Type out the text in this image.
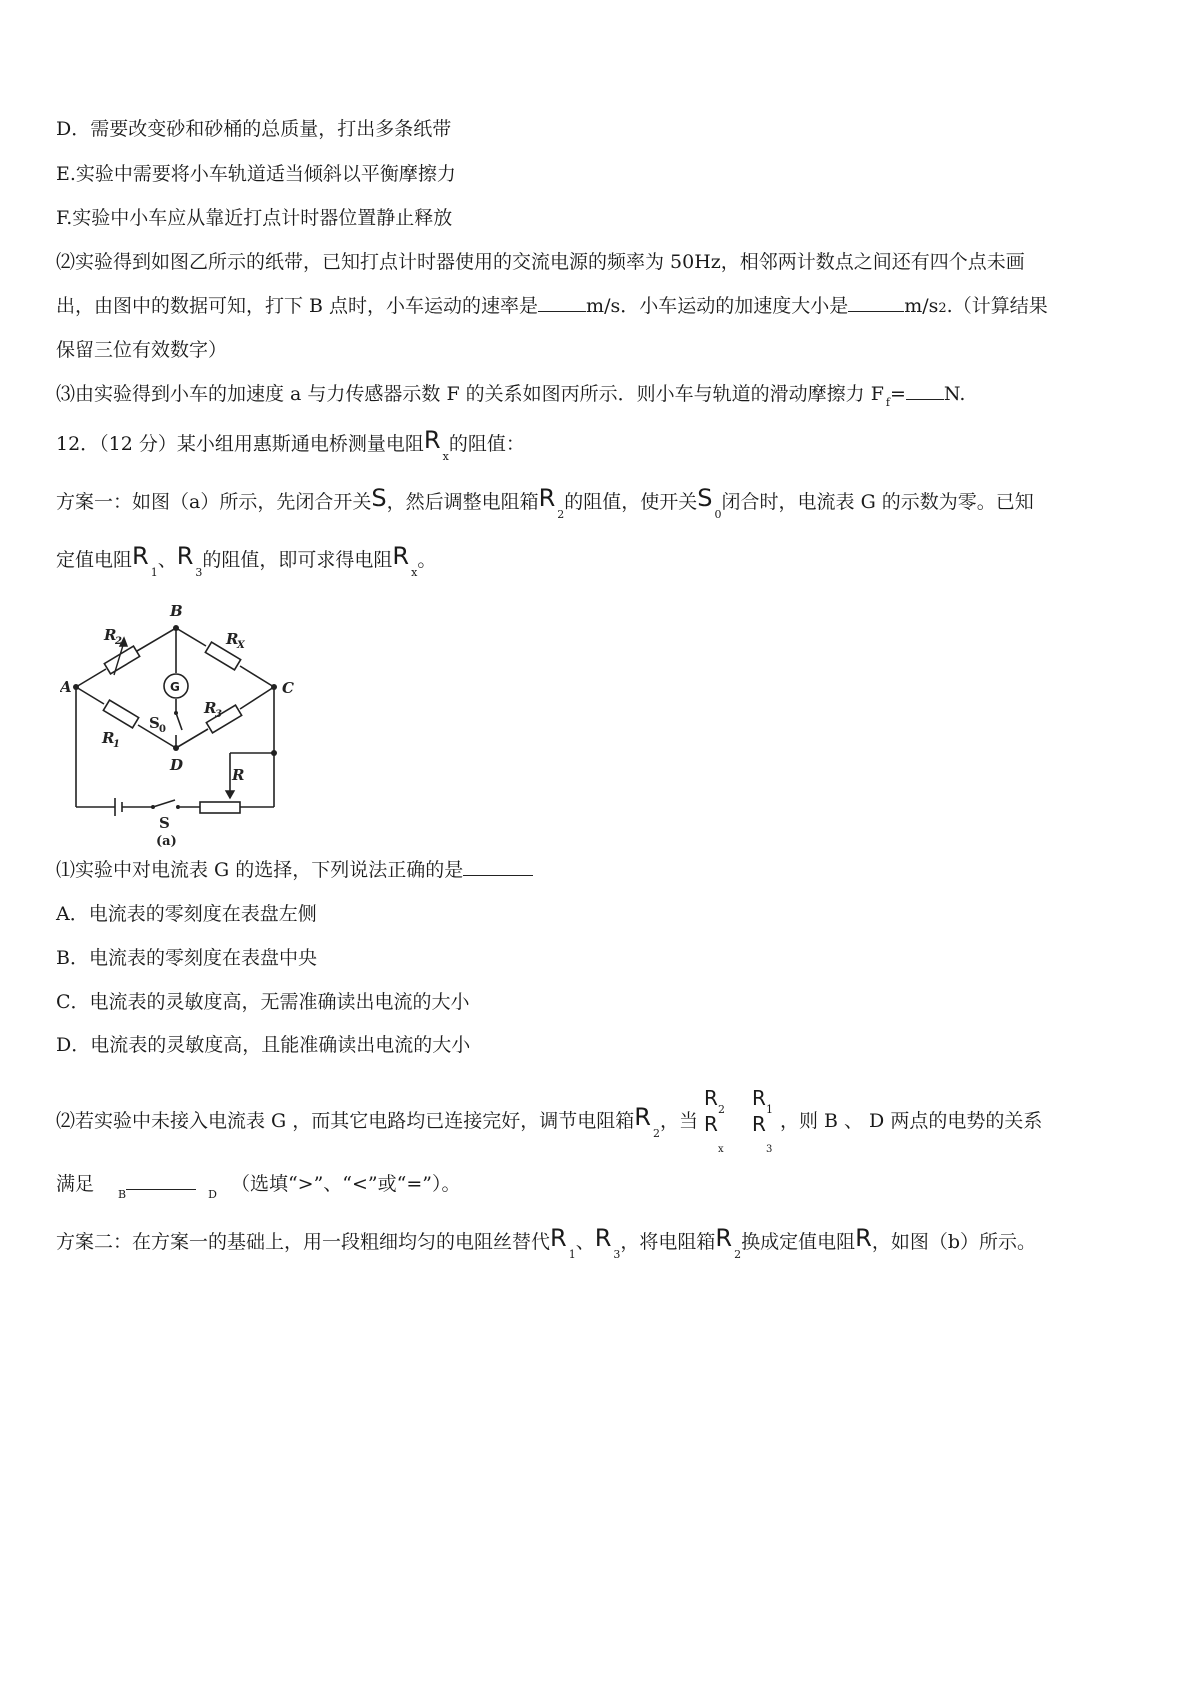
D．需要改变砂和砂桶的总质量，打出多条纸带
E.实验中需要将小车轨道适当倾斜以平衡摩擦力
F.实验中小车应从靠近打点计时器位置静止释放
⑵实验得到如图乙所示的纸带，已知打点计时器使用的交流电源的频率为 50Hz，相邻两计数点之间还有四个点未画
出，由图中的数据可知，打下 B 点时，小车运动的速率是	m/s．小车运动的加速度大小是	m/s2.（计算结果
保留三位有效数字）
⑶由实验得到小车的加速度 a 与力传感器示数 F 的关系如图丙所示．则小车与轨道的滑动摩擦力 F $_f$= N.
12．（12 分）某小组用惠斯通电桥测量电阻$R_x$的阻值：
方案一：如图（a）所示，先闭合开关S，然后调整电阻箱$R_2$的阻值，使开关$S_0$闭合时，电流表 G 的示数为零。已知
定值电阻$R_1$、$R_3$的阻值，即可求得电阻$R_x$。
A
B
C
D
R
2	R
X
R
1
R
3
R
S 0
S
(a)
G
⑴实验中对电流表 G 的选择，下列说法正确的是
A．电流表的零刻度在表盘左侧
B．电流表的零刻度在表盘中央
C．电流表的灵敏度高，无需准确读出电流的大小
D．电流表的灵敏度高，且能准确读出电流的大小
⑵若实验中未接入电流表 G ，而其它电路均已连接完好，调节电阻箱$R_2$，当
R 2
R
x
R 1
R
3
，则 B 、 D 两点的电势的关系
满足 $_B$	$_D$ （选填“>”、“<”或“=”）。
方案二：在方案一的基础上，用一段粗细均匀的电阻丝替代$R_1$、$R_3$，将电阻箱$R_2$换成定值电阻R，如图（b）所示。
